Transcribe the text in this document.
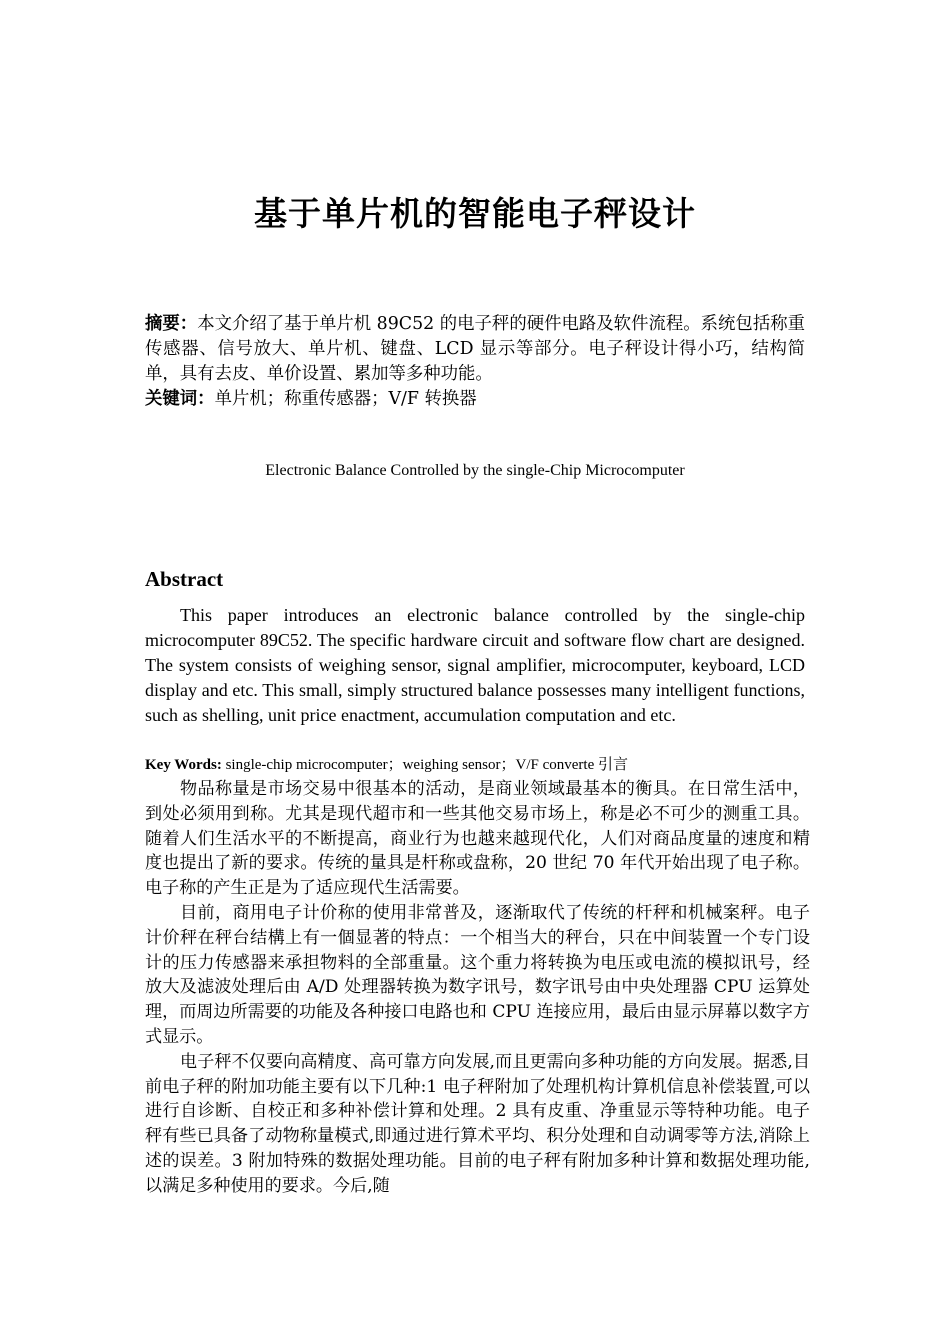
基于单片机的智能电子秤设计

摘要：本文介绍了基于单片机 89C52 的电子秤的硬件电路及软件流程。系统包括称重传感器、信号放大、单片机、键盘、LCD 显示等部分。电子秤设计得小巧，结构简单，具有去皮、单价设置、累加等多种功能。

关键词：单片机；称重传感器；V/F 转换器

Electronic Balance Controlled by the single-Chip Microcomputer
Abstract

This paper introduces an electronic balance controlled by the single-chip microcomputer 89C52. The specific hardware circuit and software flow chart are designed. The system consists of weighing sensor, signal amplifier, microcomputer, keyboard, LCD display and etc. This small, simply structured balance possesses many intelligent functions, such as shelling, unit price enactment, accumulation computation and etc.

Key Words: single-chip microcomputer；weighing sensor；V/F converte 引言

物品称量是市场交易中很基本的活动，是商业领域最基本的衡具。在日常生活中，到处必须用到称。尤其是现代超市和一些其他交易市场上，称是必不可少的测重工具。随着人们生活水平的不断提高，商业行为也越来越现代化，人们对商品度量的速度和精度也提出了新的要求。传统的量具是杆称或盘称，20 世纪 70 年代开始出现了电子称。电子称的产生正是为了适应现代生活需要。

目前，商用电子计价称的使用非常普及，逐渐取代了传统的杆秤和机械案秤。电子计价秤在秤台结構上有一個显著的特点：一个相当大的秤台，只在中间装置一个专门设计的压力传感器来承担物料的全部重量。这个重力将转换为电压或电流的模拟讯号，经放大及滤波处理后由 A/D 处理器转换为数字讯号，数字讯号由中央处理器 CPU 运算处理，而周边所需要的功能及各种接口电路也和 CPU 连接应用，最后由显示屏幕以数字方式显示。

电子秤不仅要向高精度、高可靠方向发展,而且更需向多种功能的方向发展。据悉,目前电子秤的附加功能主要有以下几种:1 电子秤附加了处理机构计算机信息补偿装置,可以进行自诊断、自校正和多种补偿计算和处理。2 具有皮重、净重显示等特种功能。电子秤有些已具备了动物称量模式,即通过进行算术平均、积分处理和自动调零等方法,消除上述的误差。3 附加特殊的数据处理功能。目前的电子秤有附加多种计算和数据处理功能,以满足多种使用的要求。今后,随
